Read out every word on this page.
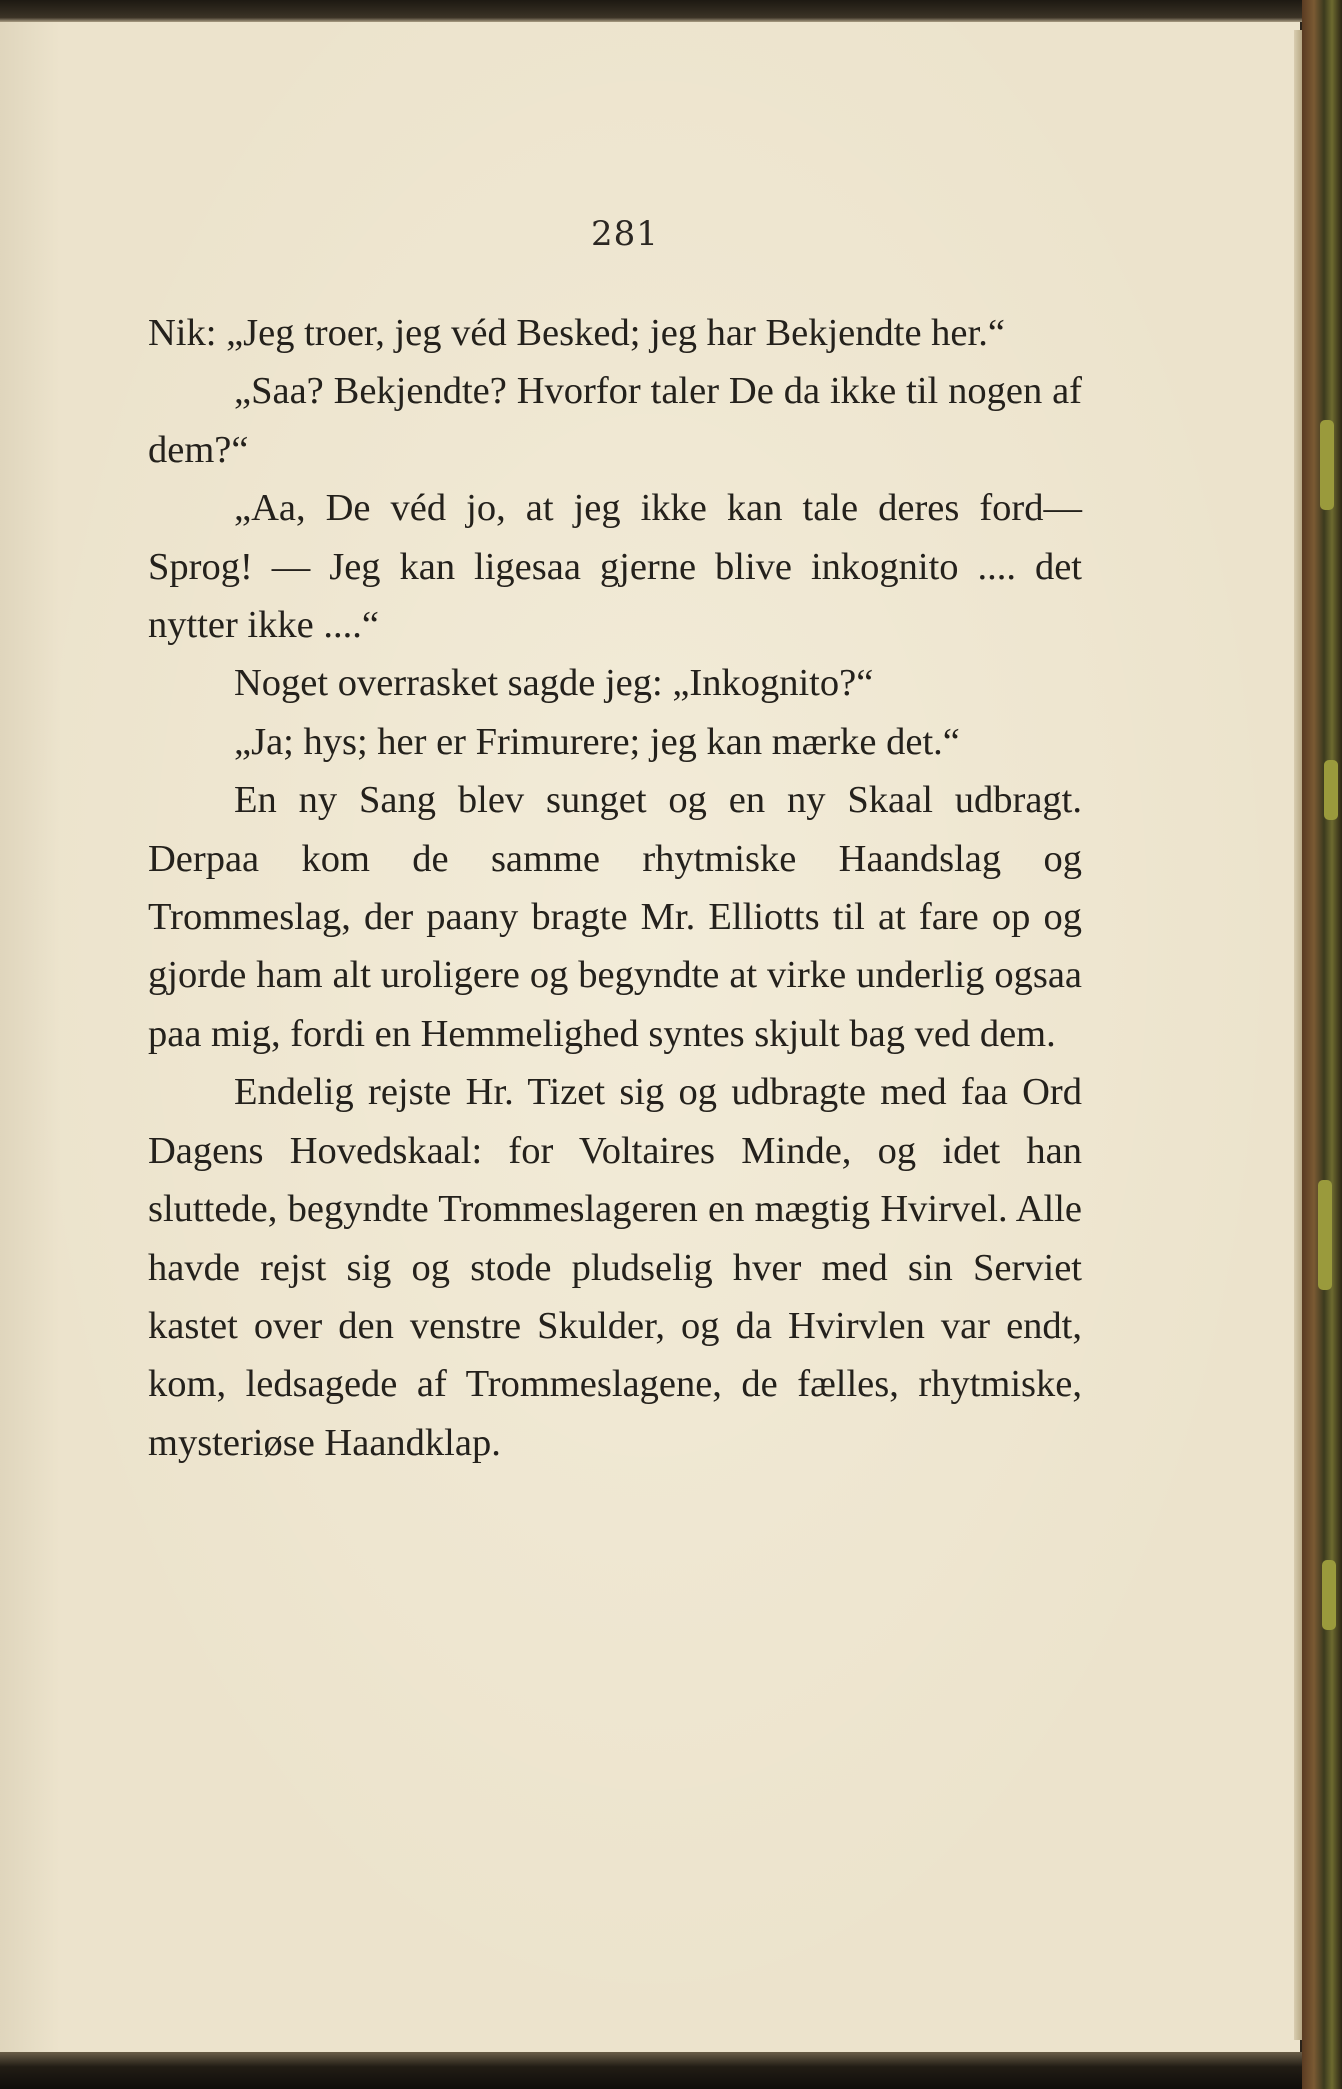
281

Nik: „Jeg troer, jeg véd Besked; jeg har Bekjendte her.“

„Saa? Bekjendte? Hvorfor taler De da ikke til nogen af dem?“

„Aa, De véd jo, at jeg ikke kan tale deres ford— Sprog! — Jeg kan ligesaa gjerne blive inkognito .... det nytter ikke ....“

Noget overrasket sagde jeg: „Inkognito?“

„Ja; hys; her er Frimurere; jeg kan mærke det.“

En ny Sang blev sunget og en ny Skaal udbragt. Derpaa kom de samme rhytmiske Haandslag og Trommeslag, der paany bragte Mr. Elliotts til at fare op og gjorde ham alt uroligere og begyndte at virke underlig ogsaa paa mig, fordi en Hemmelighed syntes skjult bag ved dem.

Endelig rejste Hr. Tizet sig og udbragte med faa Ord Dagens Hovedskaal: for Voltaires Minde, og idet han sluttede, begyndte Trommeslageren en mægtig Hvirvel. Alle havde rejst sig og stode pludselig hver med sin Serviet kastet over den venstre Skulder, og da Hvirvlen var endt, kom, ledsagede af Trommeslagene, de fælles, rhytmiske, mysteriøse Haandklap.
